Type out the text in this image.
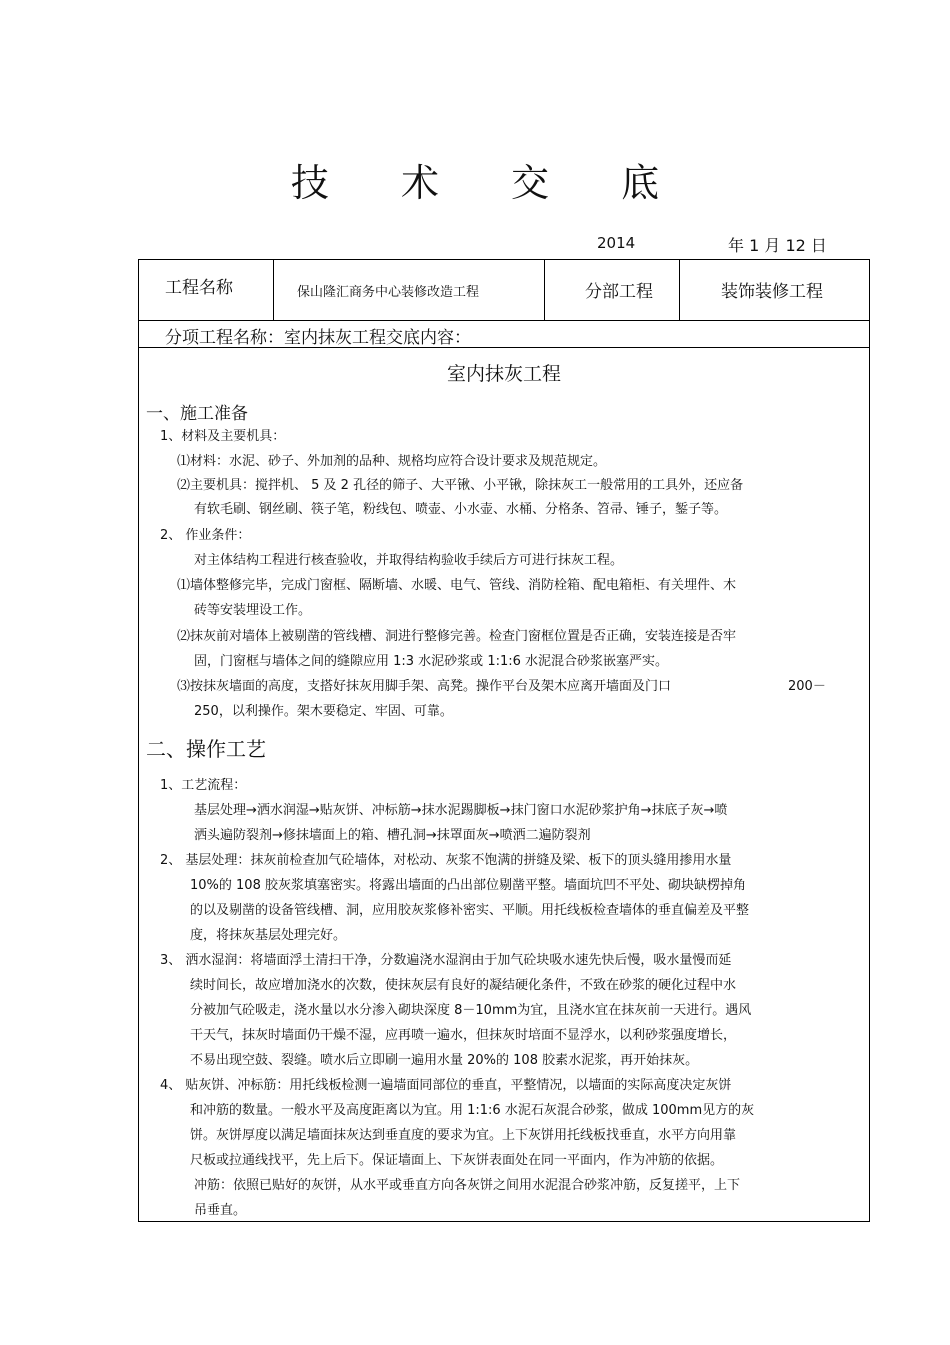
技 术 交 底
2014	年 1 月 12 日
工程名称	保山隆汇商务中心装修改造工程	分部工程	装饰装修工程
分项工程名称：室内抹灰工程交底内容：
室内抹灰工程
一、施工准备
1、材料及主要机具：
⑴材料：水泥、砂子、外加剂的品种、规格均应符合设计要求及规范规定。
⑵主要机具：搅拌机、 5 及 2 孔径的筛子、大平锹、小平锹，除抹灰工一般常用的工具外，还应备
有软毛刷、钢丝刷、筷子笔，粉线包、喷壶、小水壶、水桶、分格条、笤帚、锤子，錾子等。
2、 作业条件：
对主体结构工程进行核查验收，并取得结构验收手续后方可进行抹灰工程。
⑴墙体整修完毕，完成门窗框、隔断墙、水暖、电气、管线、消防栓箱、配电箱柜、有关埋件、木
砖等安装埋设工作。
⑵抹灰前对墙体上被剔凿的管线槽、洞进行整修完善。检查门窗框位置是否正确，安装连接是否牢
固，门窗框与墙体之间的缝隙应用 1:3 水泥砂浆或 1:1:6 水泥混合砂浆嵌塞严实。
⑶按抹灰墙面的高度，支搭好抹灰用脚手架、高凳。操作平台及架木应离开墙面及门口	200－
250，以利操作。架木要稳定、牢固、可靠。
二、操作工艺
1、工艺流程：
基层处理→洒水润湿→贴灰饼、冲标筋→抹水泥踢脚板→抹门窗口水泥砂浆护角→抹底子灰→喷
洒头遍防裂剂→修抹墙面上的箱、槽孔洞→抹罩面灰→喷洒二遍防裂剂
2、 基层处理：抹灰前检查加气砼墙体，对松动、灰浆不饱满的拼缝及梁、板下的顶头缝用掺用水量
10%的 108 胶灰浆填塞密实。将露出墙面的凸出部位剔凿平整。墙面坑凹不平处、砌块缺楞掉角
的以及剔凿的设备管线槽、洞，应用胶灰浆修补密实、平顺。用托线板检查墙体的垂直偏差及平整
度，将抹灰基层处理完好。
3、 洒水湿润：将墙面浮土清扫干净，分数遍浇水湿润由于加气砼块吸水速先快后慢，吸水量慢而延
续时间长，故应增加浇水的次数，使抹灰层有良好的凝结硬化条件，不致在砂浆的硬化过程中水
分被加气砼吸走，浇水量以水分渗入砌块深度 8－10mm为宜，且浇水宜在抹灰前一天进行。遇风
干天气，抹灰时墙面仍干燥不湿，应再喷一遍水，但抹灰时培面不显浮水，以利砂浆强度增长，
不易出现空鼓、裂缝。喷水后立即刷一遍用水量 20%的 108 胶素水泥浆，再开始抹灰。
4、 贴灰饼、冲标筋：用托线板检测一遍墙面同部位的垂直，平整情况，以墙面的实际高度决定灰饼
和冲筋的数量。一般水平及高度距离以为宜。用 1:1:6 水泥石灰混合砂浆，做成 100mm见方的灰
饼。灰饼厚度以满足墙面抹灰达到垂直度的要求为宜。上下灰饼用托线板找垂直，水平方向用靠
尺板或拉通线找平，先上后下。保证墙面上、下灰饼表面处在同一平面内，作为冲筋的依据。
冲筋：依照已贴好的灰饼，从水平或垂直方向各灰饼之间用水泥混合砂浆冲筋，反复搓平，上下
吊垂直。
